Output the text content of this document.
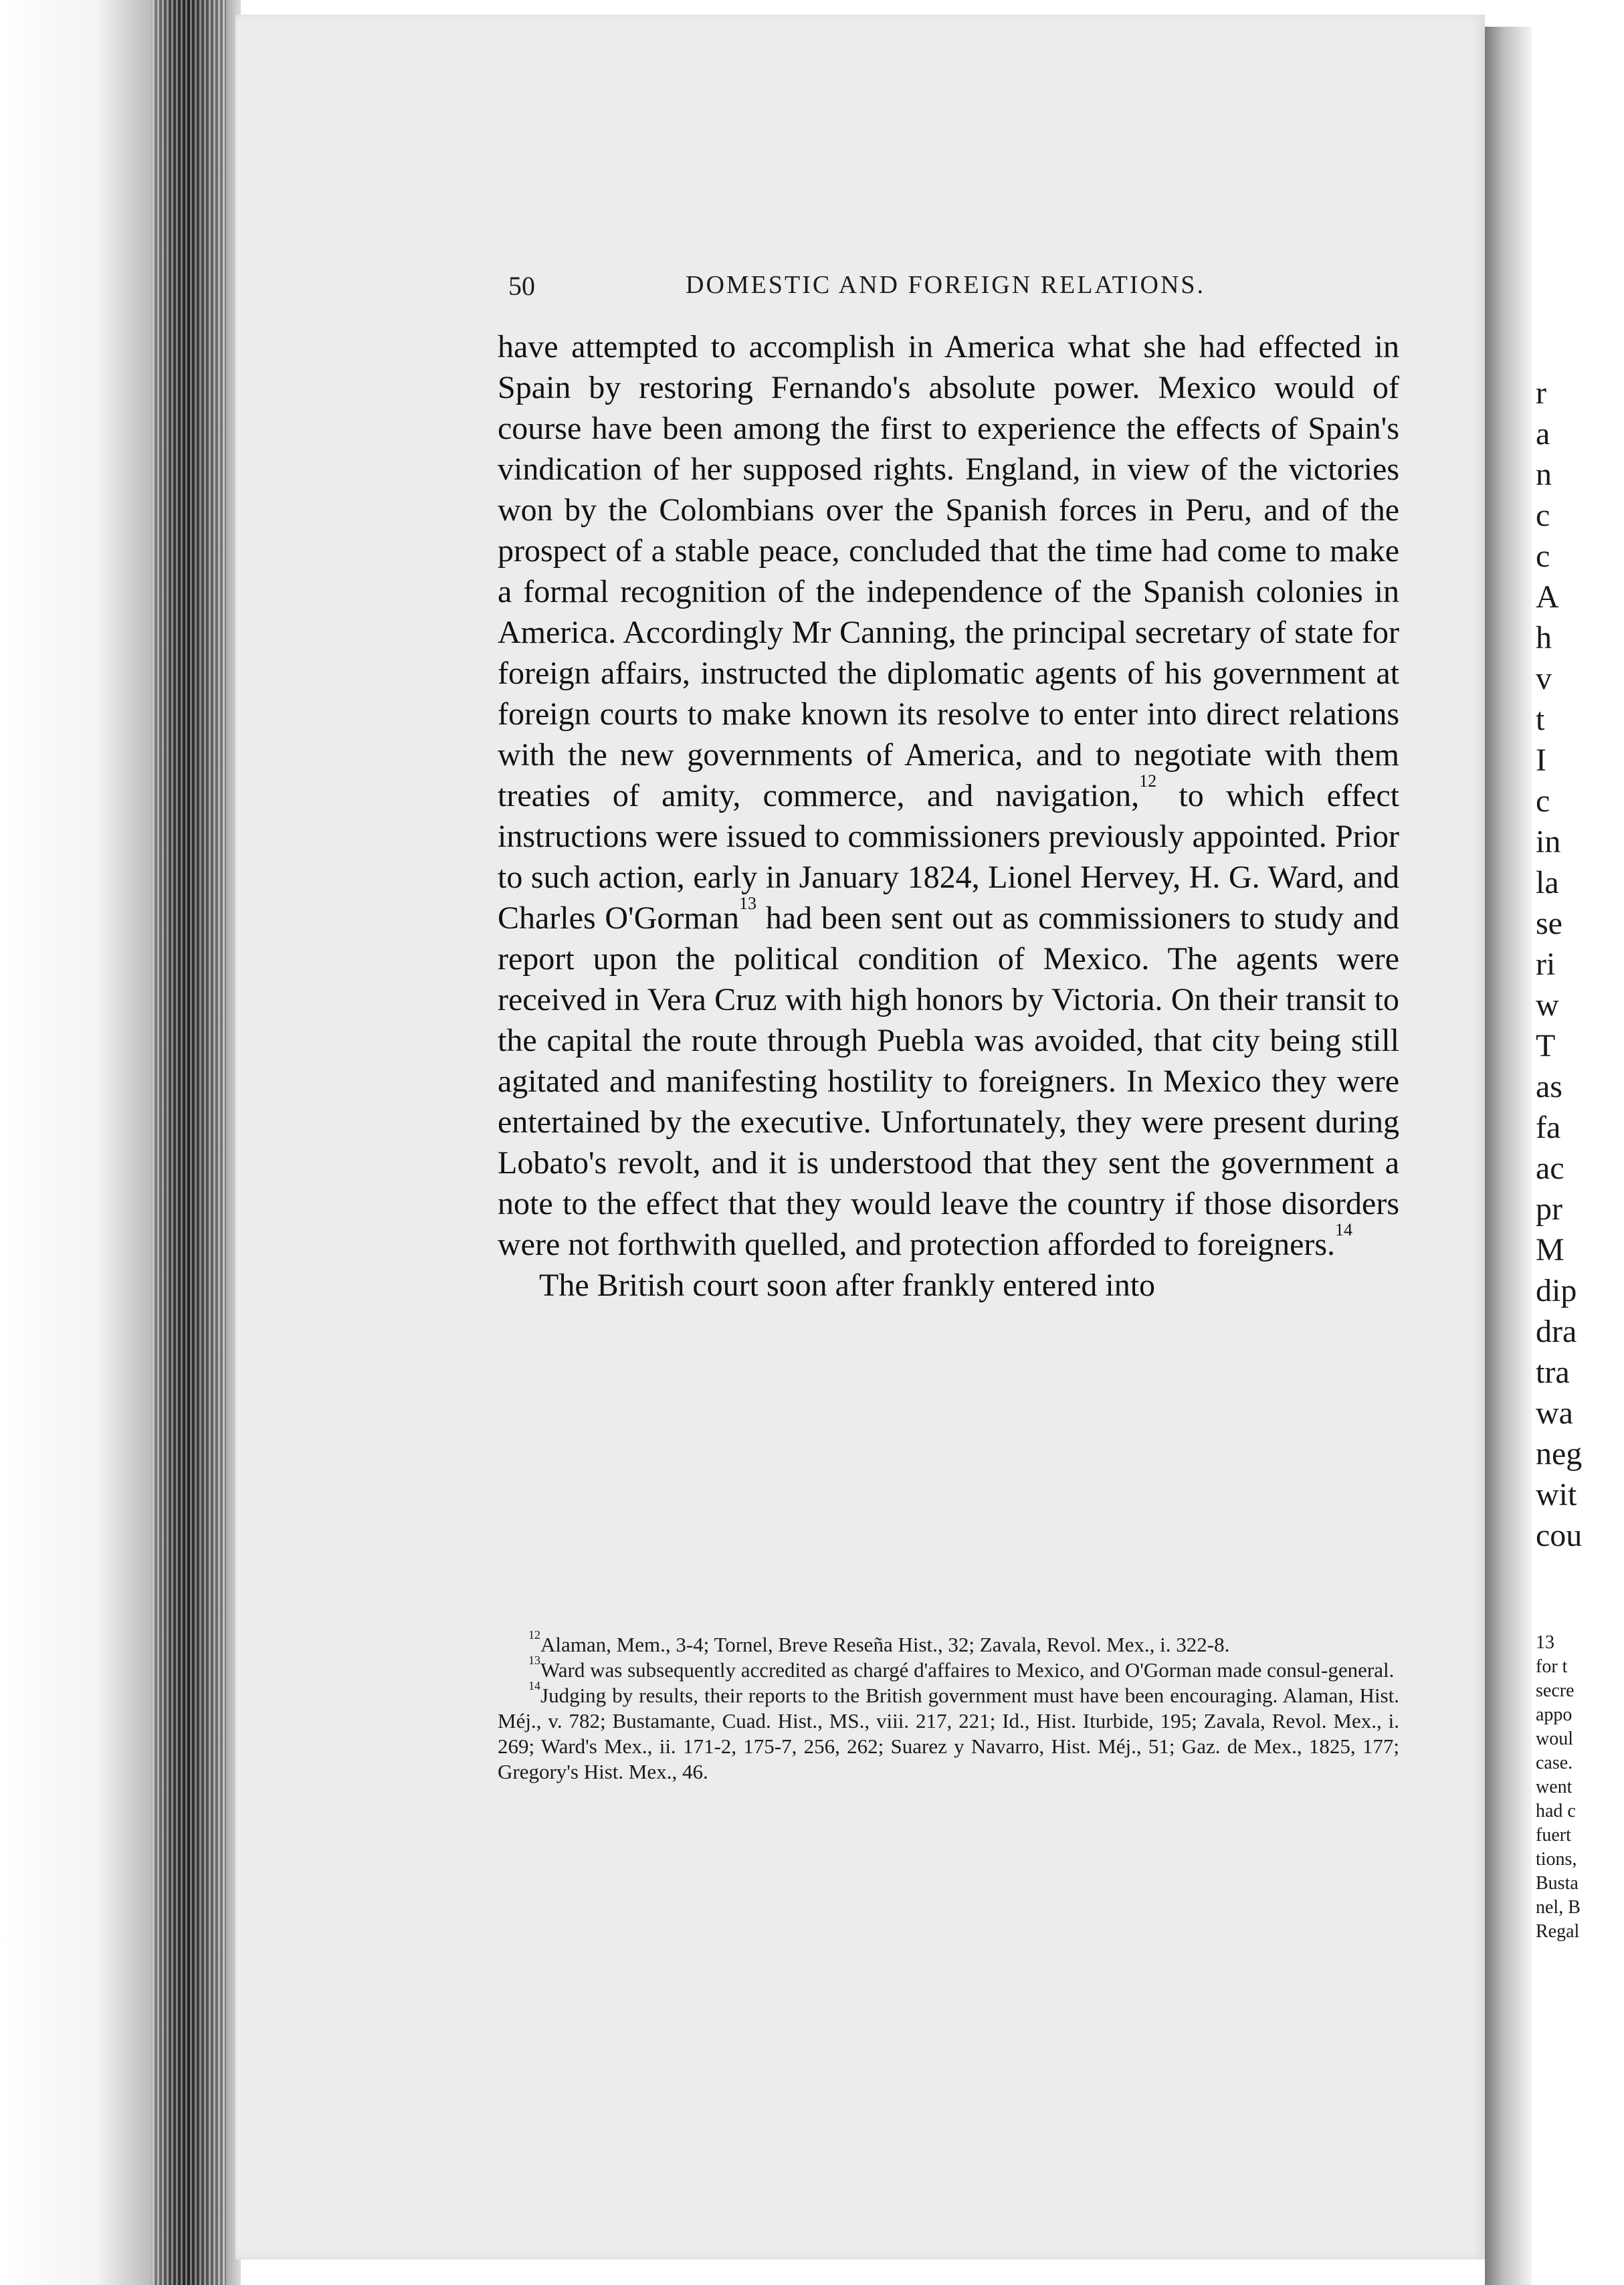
r
a
n
c
c
A
h
v
t
I
c
in
la
se
ri
w
T
as
fa
ac
pr
M
dip
dra
tra
wa
neg
wit
cou
13
for t
secre
appo
woul
case.
went
had c
fuert
tions,
Busta
nel, B
Regal
DOMESTIC AND FOREIGN RELATIONS.
50

have attempted to accomplish in America what she had effected in Spain by restoring Fernando's absolute power. Mexico would of course have been among the first to experience the effects of Spain's vindication of her supposed rights. England, in view of the victories won by the Colombians over the Spanish forces in Peru, and of the prospect of a stable peace, concluded that the time had come to make a formal recognition of the independence of the Spanish colonies in America. Accordingly Mr Canning, the principal secretary of state for foreign affairs, instructed the diplomatic agents of his government at foreign courts to make known its resolve to enter into direct relations with the new governments of America, and to negotiate with them treaties of amity, commerce, and navigation,$^{12}$ to which effect instructions were issued to commissioners previously appointed. Prior to such action, early in January 1824, Lionel Hervey, H. G. Ward, and Charles O'Gorman$^{13}$ had been sent out as commissioners to study and report upon the political condition of Mexico. The agents were received in Vera Cruz with high honors by Victoria. On their transit to the capital the route through Puebla was avoided, that city being still agitated and manifesting hostility to foreigners. In Mexico they were entertained by the executive. Unfortunately, they were present during Lobato's revolt, and it is understood that they sent the government a note to the effect that they would leave the country if those disorders were not forthwith quelled, and protection afforded to foreigners.$^{14}$

The British court soon after frankly entered into

$^{12}$Alaman, Mem., 3-4; Tornel, Breve Reseña Hist., 32; Zavala, Revol. Mex., i. 322-8.

$^{13}$Ward was subsequently accredited as chargé d'affaires to Mexico, and O'Gorman made consul-general.

$^{14}$Judging by results, their reports to the British government must have been encouraging. Alaman, Hist. Méj., v. 782; Bustamante, Cuad. Hist., MS., viii. 217, 221; Id., Hist. Iturbide, 195; Zavala, Revol. Mex., i. 269; Ward's Mex., ii. 171-2, 175-7, 256, 262; Suarez y Navarro, Hist. Méj., 51; Gaz. de Mex., 1825, 177; Gregory's Hist. Mex., 46.
